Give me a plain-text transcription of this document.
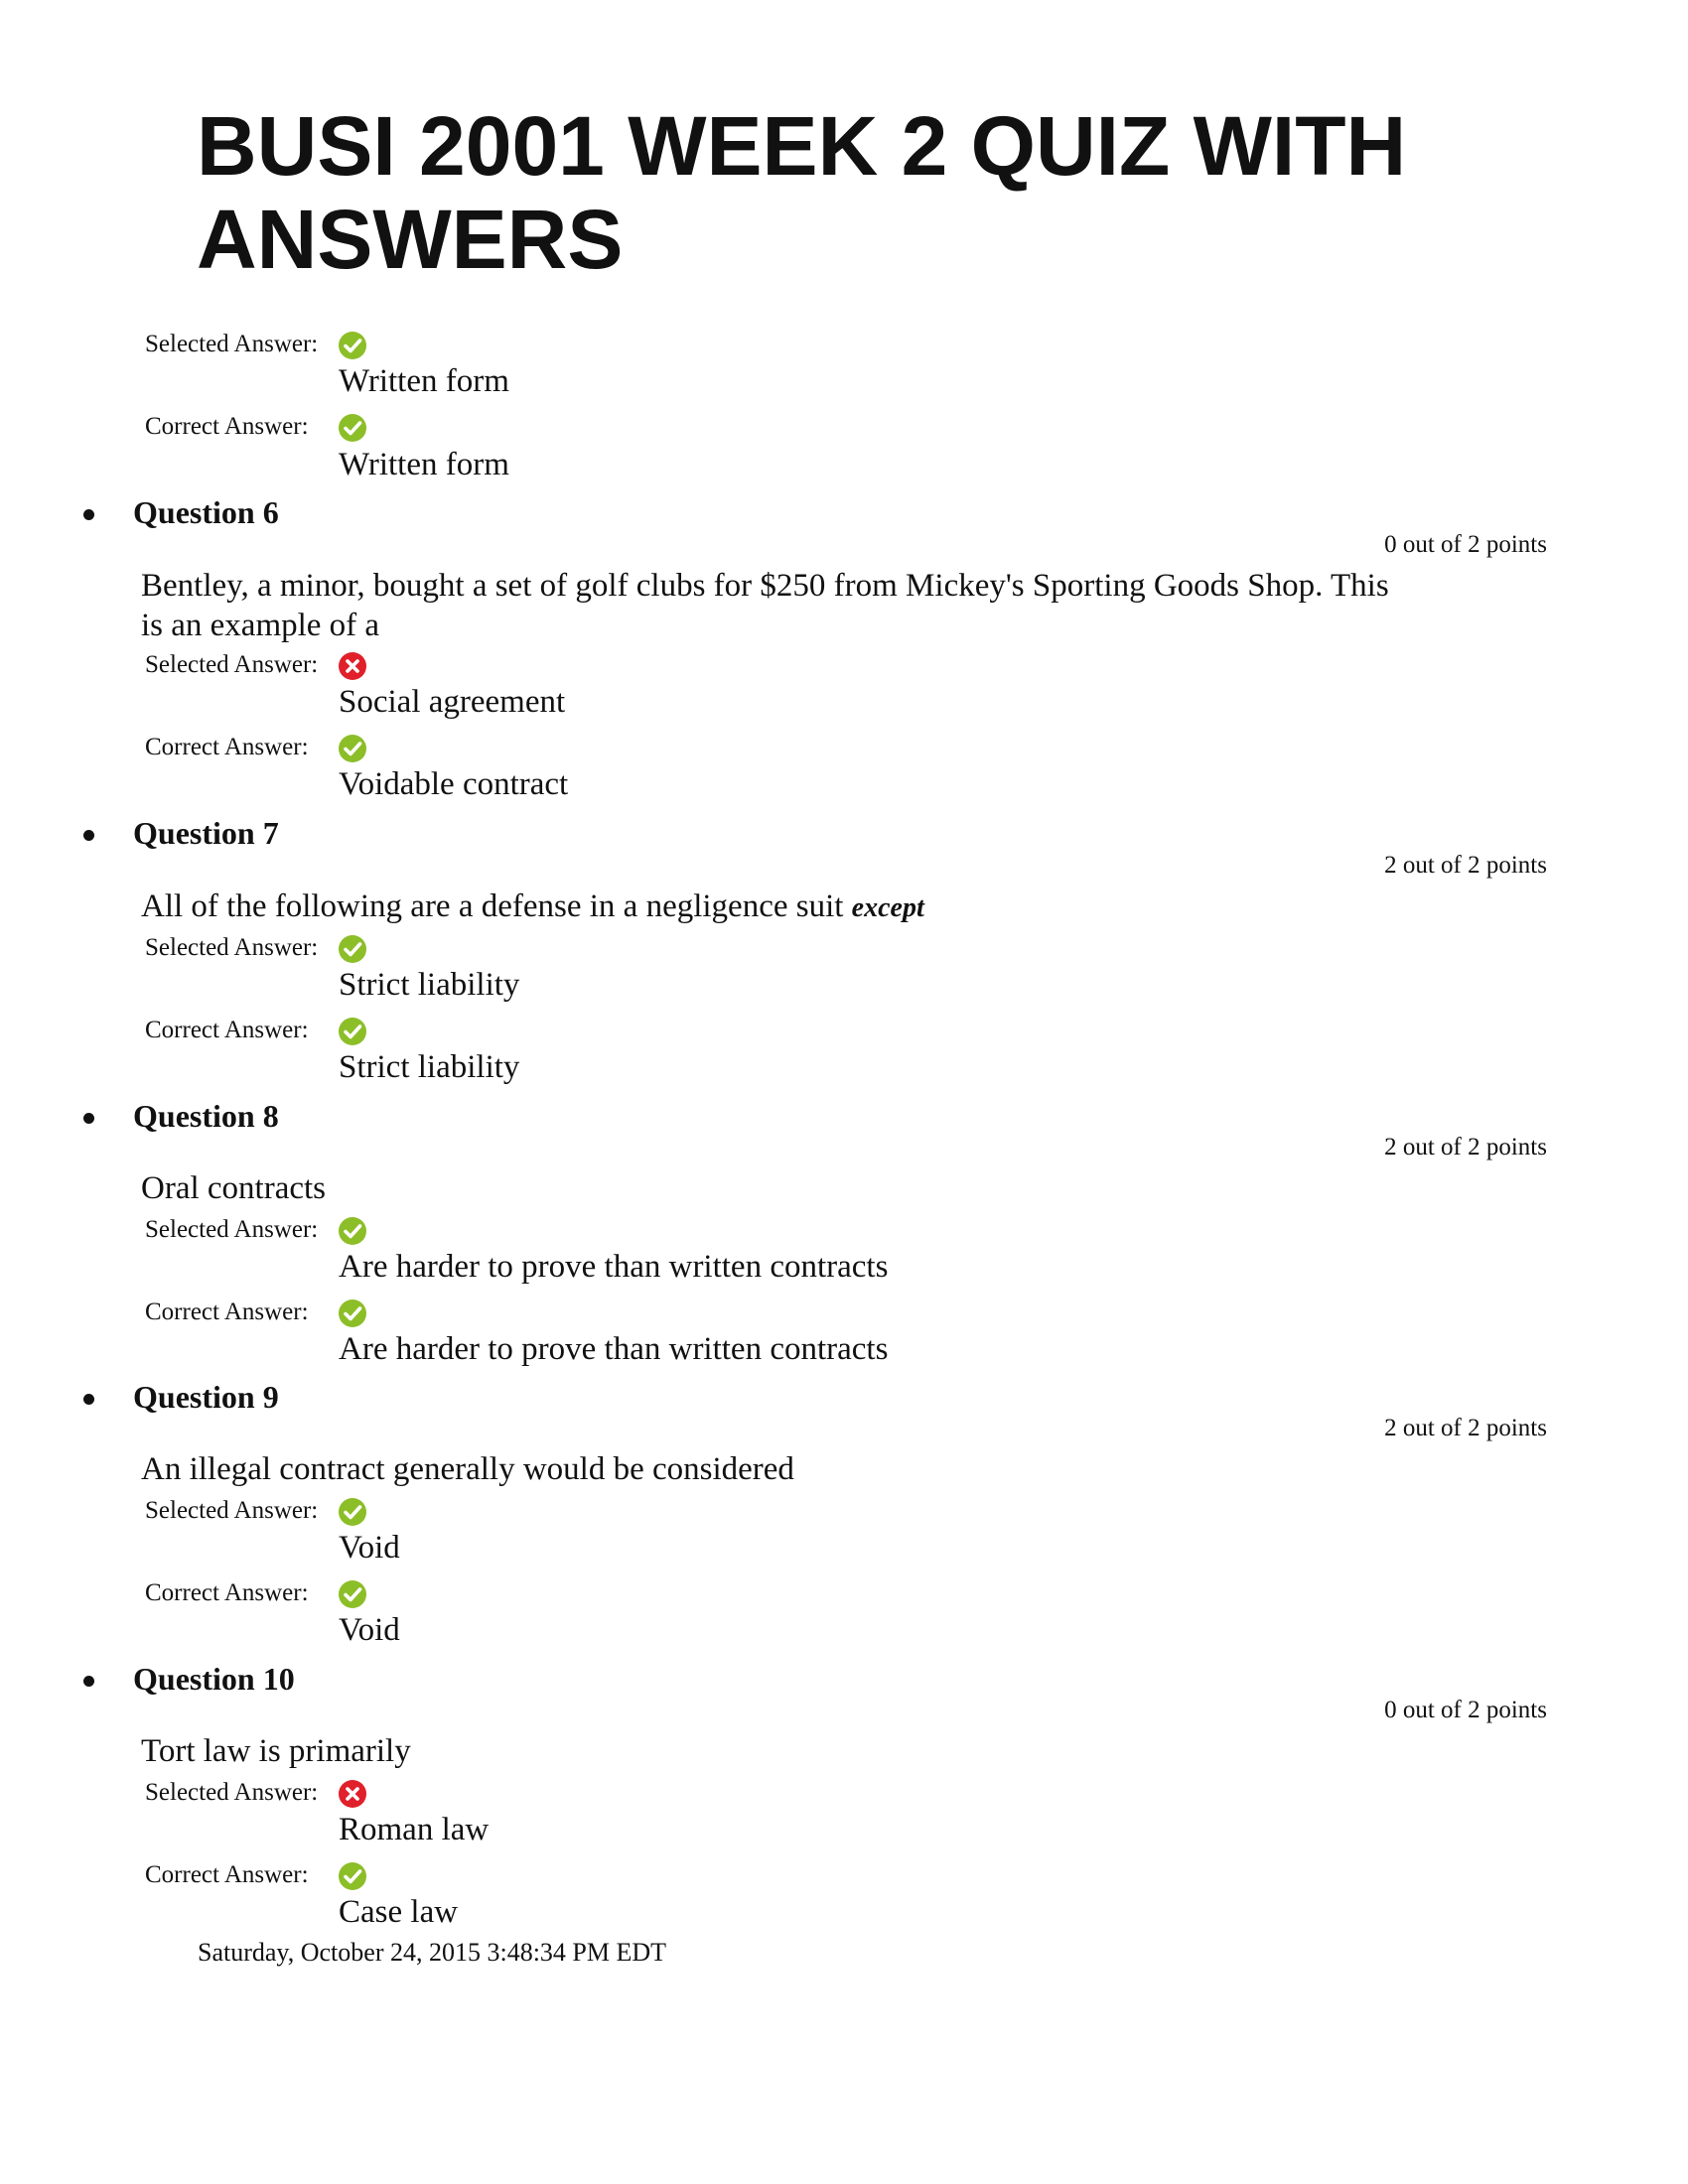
BUSI 2001 WEEK 2 QUIZ WITH ANSWERS
Selected Answer:
Written form
Correct Answer:
Written form
Question 6
0 out of 2 points
Bentley, a minor, bought a set of golf clubs for $250 from Mickey's Sporting Goods Shop. This is an example of a
Selected Answer:
Social agreement
Correct Answer:
Voidable contract
Question 7
2 out of 2 points
All of the following are a defense in a negligence suit except
Selected Answer:
Strict liability
Correct Answer:
Strict liability
Question 8
2 out of 2 points
Oral contracts
Selected Answer:
Are harder to prove than written contracts
Correct Answer:
Are harder to prove than written contracts
Question 9
2 out of 2 points
An illegal contract generally would be considered
Selected Answer:
Void
Correct Answer:
Void
Question 10
0 out of 2 points
Tort law is primarily
Selected Answer:
Roman law
Correct Answer:
Case law
Saturday, October 24, 2015 3:48:34 PM EDT
